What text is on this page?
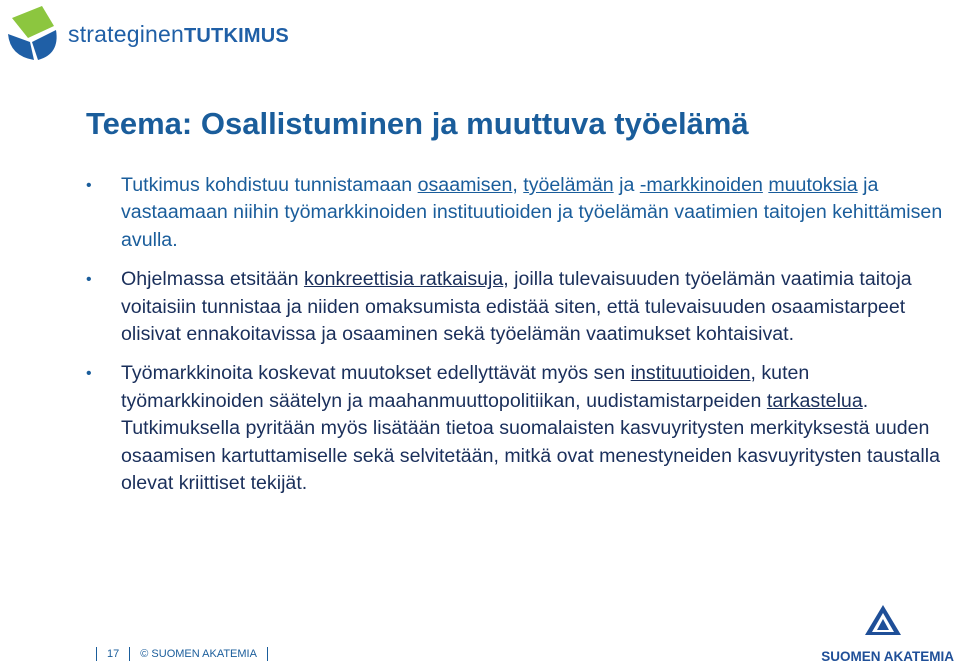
strateginenTUTKIMUS
Teema: Osallistuminen ja muuttuva työelämä
• Tutkimus kohdistuu tunnistamaan osaamisen, työelämän ja -markkinoiden muutoksia ja vastaamaan niihin työmarkkinoiden instituutioiden ja työelämän vaatimien taitojen kehittämisen avulla.
• Ohjelmassa etsitään konkreettisia ratkaisuja, joilla tulevaisuuden työelämän vaatimia taitoja voitaisiin tunnistaa ja niiden omaksumista edistää siten, että tulevaisuuden osaamistarpeet olisivat ennakoitavissa ja osaaminen sekä työelämän vaatimukset kohtaisivat.
• Työmarkkinoita koskevat muutokset edellyttävät myös sen instituutioiden, kuten työmarkkinoiden säätelyn ja maahanmuuttopolitiikan, uudistamistarpeiden tarkastelua. Tutkimuksella pyritään myös lisätään tietoa suomalaisten kasvuyritysten merkityksestä uuden osaamisen kartuttamiselle sekä selvitetään, mitkä ovat menestyneiden kasvuyritysten taustalla olevat kriittiset tekijät.
17 © SUOMEN AKATEMIA	SUOMEN AKATEMIA
